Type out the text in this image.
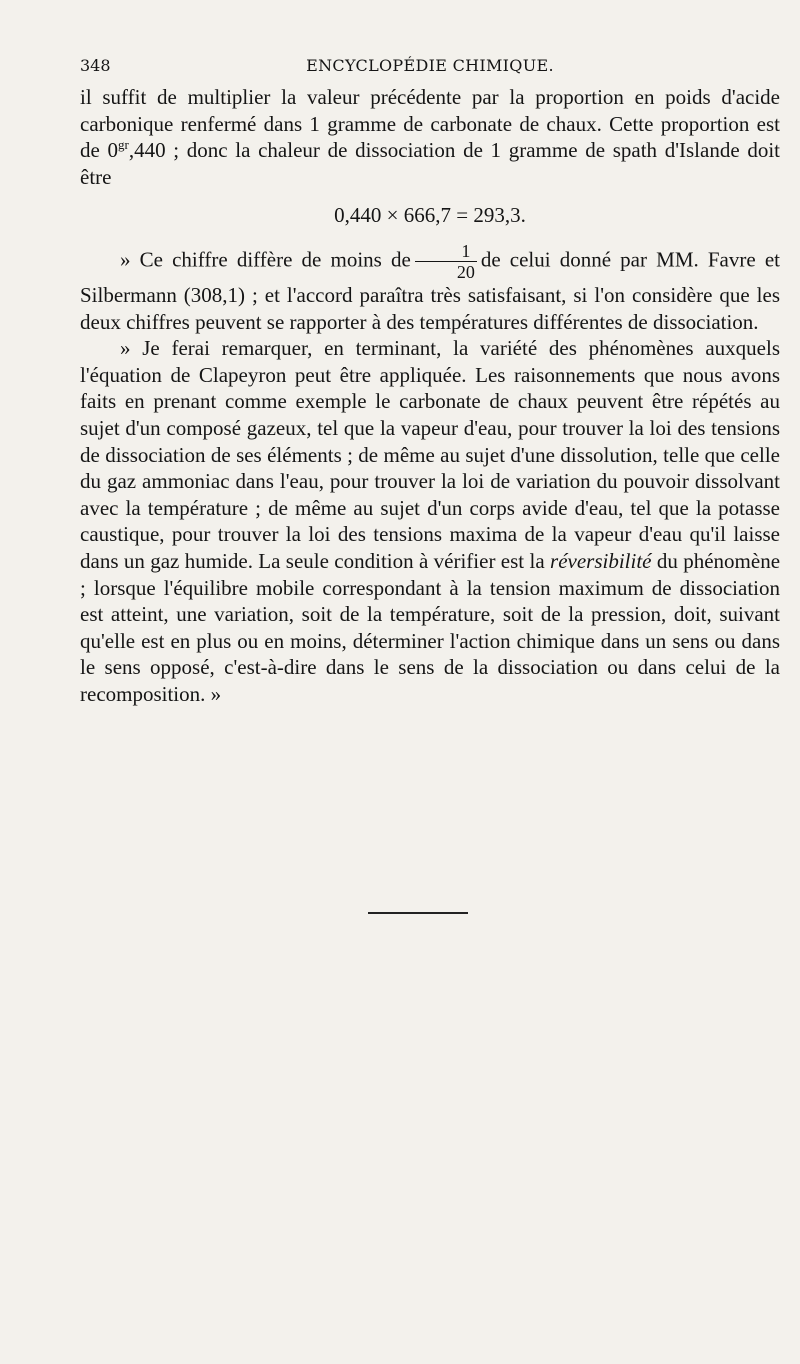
348	ENCYCLOPÉDIE CHIMIQUE.

il suffit de multiplier la valeur précédente par la proportion en poids d'acide carbonique renfermé dans 1 gramme de carbonate de chaux. Cette proportion est de $0^{gr},440$ ; donc la chaleur de dissociation de 1 gramme de spath d'Islande doit être

0,440 × 666,7 = 293,3.

» Ce chiffre diffère de moins de $\frac{1}{20}$ de celui donné par MM. Favre et Silbermann (308,1) ; et l'accord paraîtra très satisfaisant, si l'on considère que les deux chiffres peuvent se rapporter à des températures différentes de dissociation.

» Je ferai remarquer, en terminant, la variété des phénomènes auxquels l'équation de Clapeyron peut être appliquée. Les raisonnements que nous avons faits en prenant comme exemple le carbonate de chaux peuvent être répétés au sujet d'un composé gazeux, tel que la vapeur d'eau, pour trouver la loi des tensions de dissociation de ses éléments ; de même au sujet d'une dissolution, telle que celle du gaz ammoniac dans l'eau, pour trouver la loi de variation du pouvoir dissolvant avec la température ; de même au sujet d'un corps avide d'eau, tel que la potasse caustique, pour trouver la loi des tensions maxima de la vapeur d'eau qu'il laisse dans un gaz humide. La seule condition à vérifier est la réversibilité du phénomène ; lorsque l'équilibre mobile correspondant à la tension maximum de dissociation est atteint, une variation, soit de la température, soit de la pression, doit, suivant qu'elle est en plus ou en moins, déterminer l'action chimique dans un sens ou dans le sens opposé, c'est-à-dire dans le sens de la dissociation ou dans celui de la recomposition. »
